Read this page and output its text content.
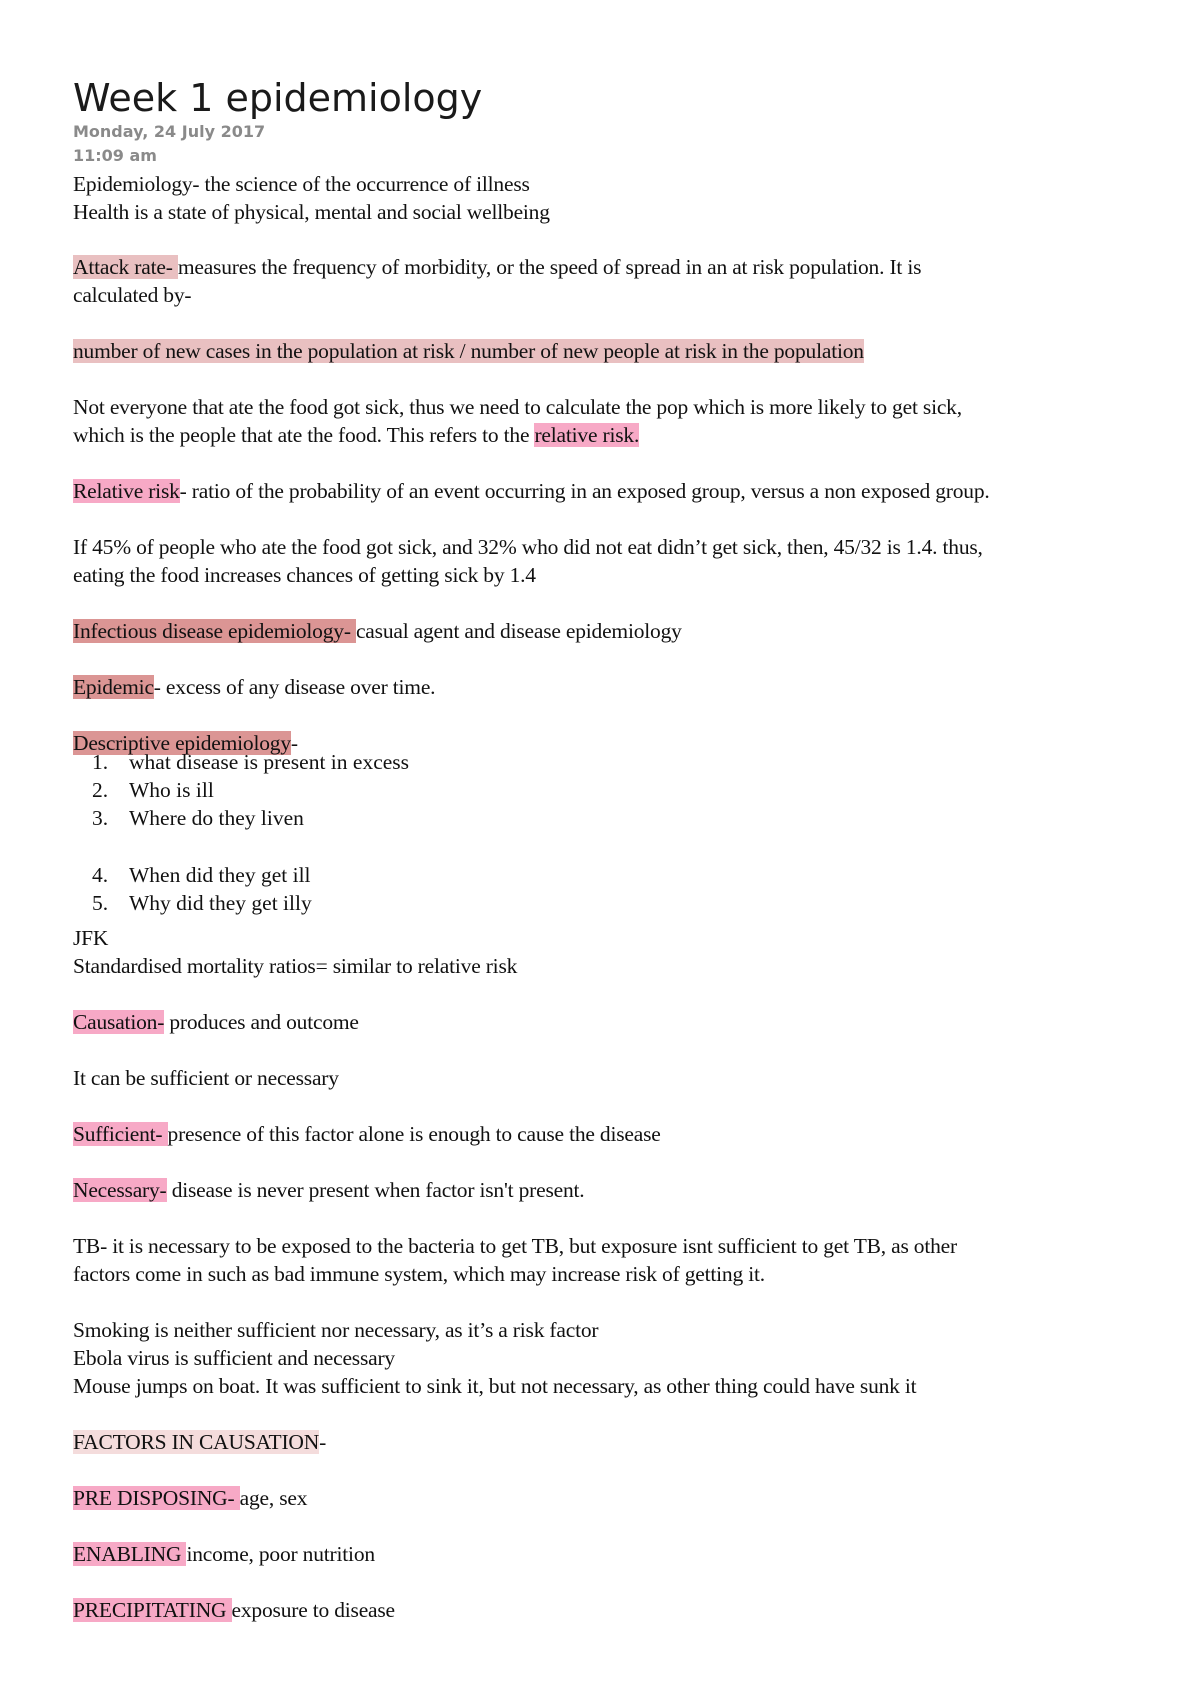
Week 1 epidemiology
Monday, 24 July 2017
11:09 am

Epidemiology- the science of the occurrence of illness

Health is a state of physical, mental and social wellbeing

Attack rate- measures the frequency of morbidity, or the speed of spread in an at risk population. It is

calculated by-

number of new cases in the population at risk / number of new people at risk in the population

Not everyone that ate the food got sick, thus we need to calculate the pop which is more likely to get sick,

which is the people that ate the food. This refers to the relative risk.

Relative risk- ratio of the probability of an event occurring in an exposed group, versus a non exposed group.

If 45% of people who ate the food got sick, and 32% who did not eat didn’t get sick, then, 45/32 is 1.4. thus,

eating the food increases chances of getting sick by 1.4

Infectious disease epidemiology- casual agent and disease epidemiology

Epidemic- excess of any disease over time.

Descriptive epidemiology-

1. what disease is present in excess
2. Who is ill
3. Where do they liven
4. When did they get ill
5. Why did they get illy

JFK

Standardised mortality ratios= similar to relative risk

Causation- produces and outcome

It can be sufficient or necessary

Sufficient- presence of this factor alone is enough to cause the disease

Necessary- disease is never present when factor isn't present.

TB- it is necessary to be exposed to the bacteria to get TB, but exposure isnt sufficient to get TB, as other

factors come in such as bad immune system, which may increase risk of getting it.

Smoking is neither sufficient nor necessary, as it’s a risk factor

Ebola virus is sufficient and necessary

Mouse jumps on boat. It was sufficient to sink it, but not necessary, as other thing could have sunk it

FACTORS IN CAUSATION-

PRE DISPOSING- age, sex

ENABLING income, poor nutrition

PRECIPITATING exposure to disease
